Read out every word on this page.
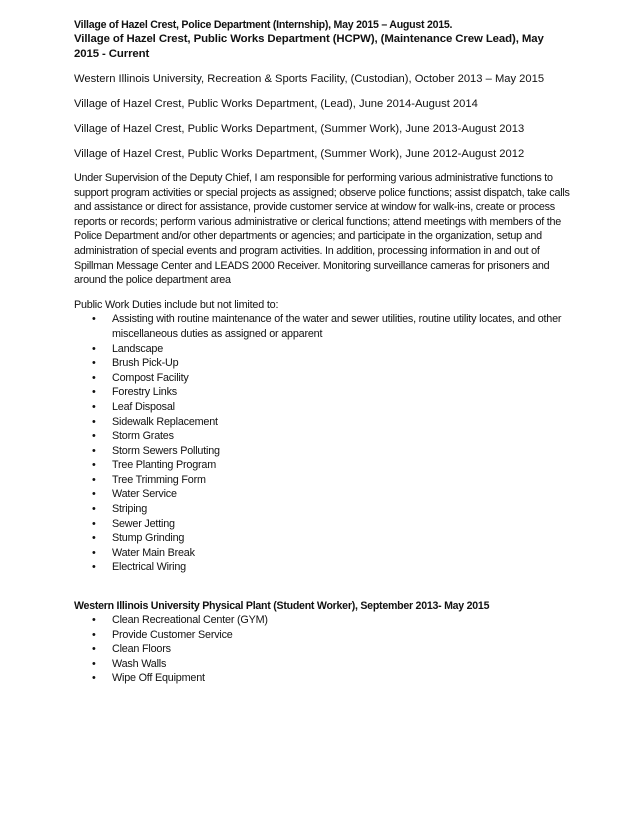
Village of Hazel Crest, Police Department (Internship), May 2015 – August 2015.
Village of Hazel Crest, Public Works Department (HCPW), (Maintenance Crew Lead), May 2015 - Current
Western Illinois University, Recreation & Sports Facility, (Custodian), October 2013 – May 2015
Village of Hazel Crest, Public Works Department, (Lead), June 2014-August 2014
Village of Hazel Crest, Public Works Department, (Summer Work), June 2013-August 2013
Village of Hazel Crest, Public Works Department, (Summer Work), June 2012-August 2012
Under Supervision of the Deputy Chief, I am responsible for performing various administrative functions to support program activities or special projects as assigned; observe police functions; assist dispatch, take calls and assistance or direct for assistance, provide customer service at window for walk-ins, create or process reports or records; perform various administrative or clerical functions; attend meetings with members of the Police Department and/or other departments or agencies; and participate in the organization, setup and administration of special events and program activities. In addition, processing information in and out of Spillman Message Center and LEADS 2000 Receiver. Monitoring surveillance cameras for prisoners and around the police department area
Public Work Duties include but not limited to:
• Assisting with routine maintenance of the water and sewer utilities, routine utility locates, and other miscellaneous duties as assigned or apparent
• Landscape
• Brush Pick-Up
• Compost Facility
• Forestry Links
• Leaf Disposal
• Sidewalk Replacement
• Storm Grates
• Storm Sewers Polluting
• Tree Planting Program
• Tree Trimming Form
• Water Service
• Striping
• Sewer Jetting
• Stump Grinding
• Water Main Break
• Electrical Wiring
Western Illinois University Physical Plant (Student Worker), September 2013- May 2015
• Clean Recreational Center (GYM)
• Provide Customer Service
• Clean Floors
• Wash Walls
• Wipe Off Equipment
